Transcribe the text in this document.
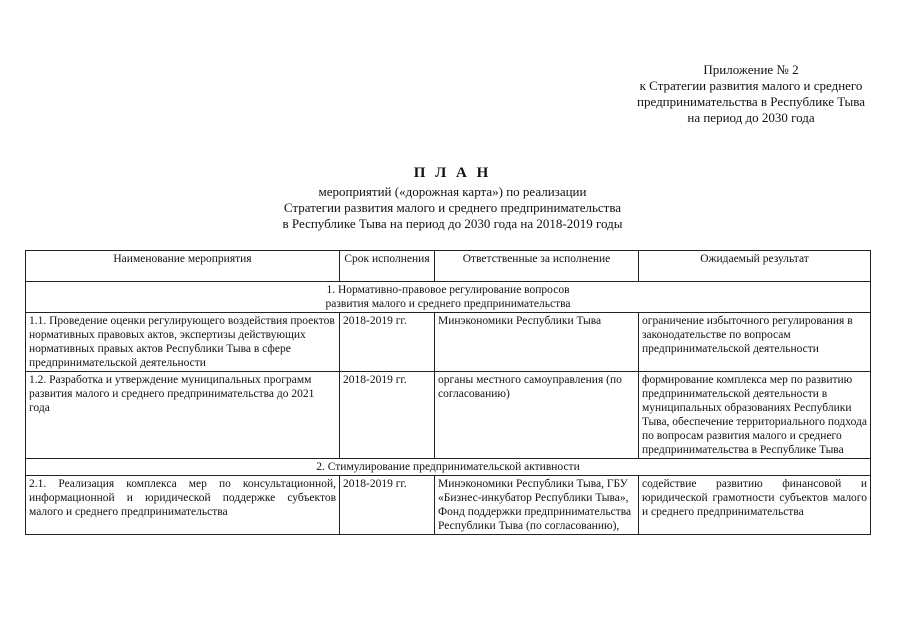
Приложение № 2
к Стратегии развития малого и среднего
предпринимательства в Республике Тыва
на период до 2030 года
П Л А Н
мероприятий («дорожная карта») по реализации
Стратегии развития малого и среднего предпринимательства
в Республике Тыва на период до 2030 года на 2018-2019 годы
Наименование мероприятия	Срок исполнения	Ответственные за исполнение	Ожидаемый результат
1. Нормативно-правовое регулирование вопросов развития малого и среднего предпринимательства			
1.1. Проведение оценки регулирующего воздействия проектов нормативных правовых актов, экспертизы действующих нормативных правых актов Республики Тыва в сфере предпринимательской деятельности	2018-2019 гг.	Минэкономики Республики Тыва	ограничение избыточного регулирования в законодательстве по вопросам предпринимательской деятельности
1.2. Разработка и утверждение муниципальных программ развития малого и среднего предпринимательства до 2021 года	2018-2019 гг.	органы местного самоуправления (по согласованию)	формирование комплекса мер по развитию предпринимательской деятельности в муниципальных образованиях Республики Тыва, обеспечение территориального подхода по вопросам развития малого и среднего предпринимательства в Республике Тыва
2. Стимулирование предпринимательской активности			
2.1. Реализация комплекса мер по консультационной, информационной и юридической поддержке субъектов малого и среднего предпринимательства	2018-2019 гг.	Минэкономики Республики Тыва, ГБУ «Бизнес-инкубатор Республики Тыва», Фонд поддержки предпринимательства Республики Тыва (по согласованию),	содействие развитию финансовой и юридической грамотности субъектов малого и среднего предпринимательства
